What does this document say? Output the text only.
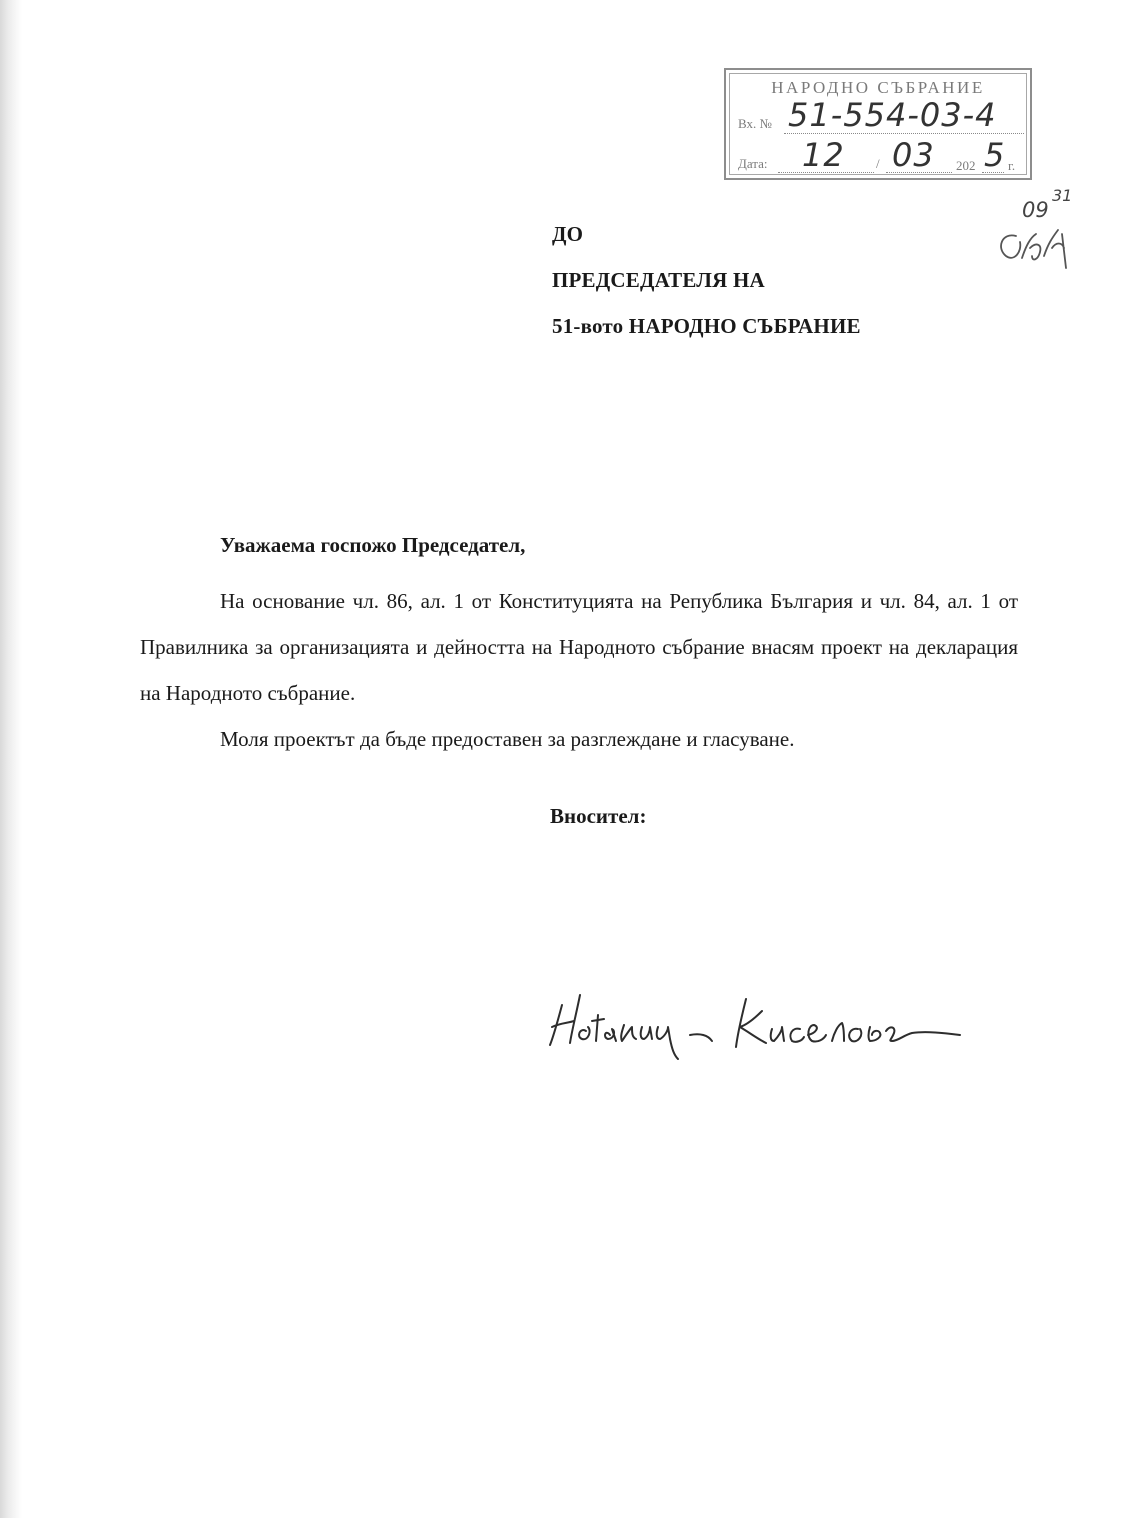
НАРОДНО СЪБРАНИЕ
Вх. № 51-554-03-4
Дата: 12 / 03 202 5 г.
09
31
ДО
ПРЕДСЕДАТЕЛЯ НА
51-вото НАРОДНО СЪБРАНИЕ
Уважаема госпожо Председател,

На основание чл. 86, ал. 1 от Конституцията на Република България и чл. 84, ал. 1 от Правилника за организацията и дейността на Народното събрание внасям проект на декларация на Народното събрание.

Моля проектът да бъде предоставен за разглеждане и гласуване.

Вносител:
